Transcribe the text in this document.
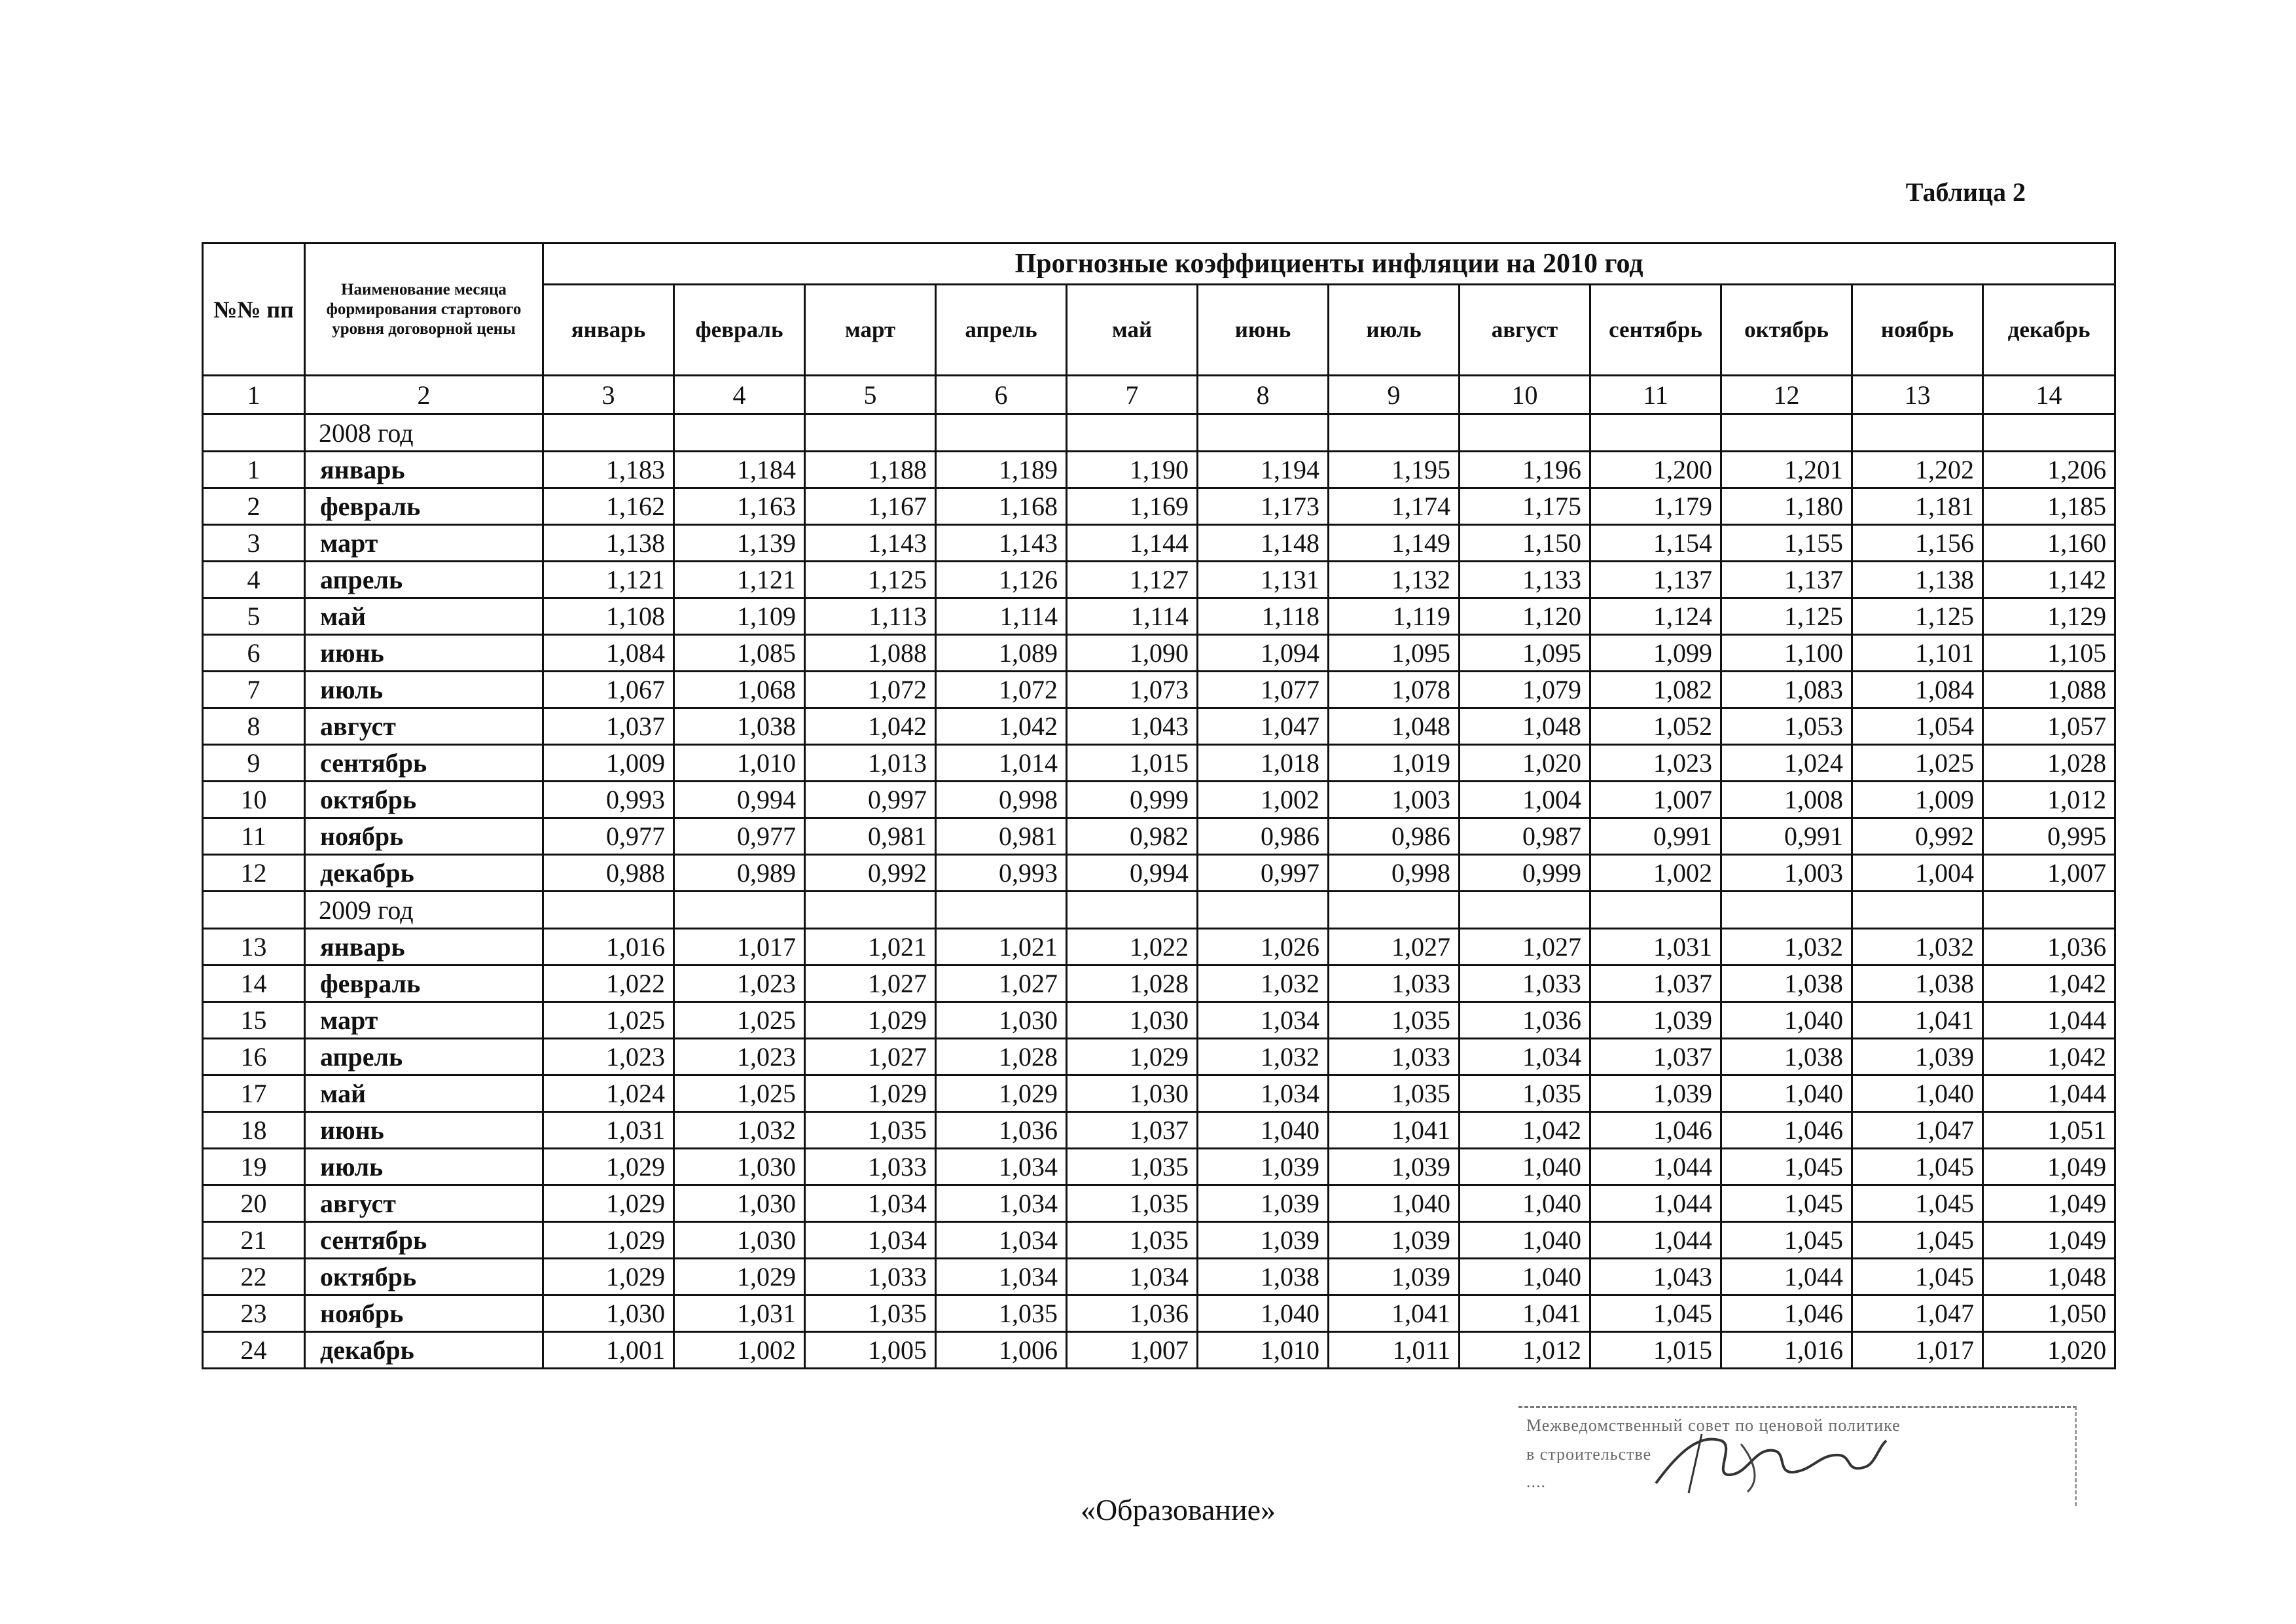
Таблица 2
№№ пп	Наименование месяца формирования стартового уровня договорной цены	Прогнозные коэффициенты инфляции на 2010 год											
		январь	февраль	март	апрель	май	июнь	июль	август	сентябрь	октябрь	ноябрь	декабрь
1	2	3	4	5	6	7	8	9	10	11	12	13	14
	2008 год												
1	январь	1,183	1,184	1,188	1,189	1,190	1,194	1,195	1,196	1,200	1,201	1,202	1,206
2	февраль	1,162	1,163	1,167	1,168	1,169	1,173	1,174	1,175	1,179	1,180	1,181	1,185
3	март	1,138	1,139	1,143	1,143	1,144	1,148	1,149	1,150	1,154	1,155	1,156	1,160
4	апрель	1,121	1,121	1,125	1,126	1,127	1,131	1,132	1,133	1,137	1,137	1,138	1,142
5	май	1,108	1,109	1,113	1,114	1,114	1,118	1,119	1,120	1,124	1,125	1,125	1,129
6	июнь	1,084	1,085	1,088	1,089	1,090	1,094	1,095	1,095	1,099	1,100	1,101	1,105
7	июль	1,067	1,068	1,072	1,072	1,073	1,077	1,078	1,079	1,082	1,083	1,084	1,088
8	август	1,037	1,038	1,042	1,042	1,043	1,047	1,048	1,048	1,052	1,053	1,054	1,057
9	сентябрь	1,009	1,010	1,013	1,014	1,015	1,018	1,019	1,020	1,023	1,024	1,025	1,028
10	октябрь	0,993	0,994	0,997	0,998	0,999	1,002	1,003	1,004	1,007	1,008	1,009	1,012
11	ноябрь	0,977	0,977	0,981	0,981	0,982	0,986	0,986	0,987	0,991	0,991	0,992	0,995
12	декабрь	0,988	0,989	0,992	0,993	0,994	0,997	0,998	0,999	1,002	1,003	1,004	1,007
	2009 год												
13	январь	1,016	1,017	1,021	1,021	1,022	1,026	1,027	1,027	1,031	1,032	1,032	1,036
14	февраль	1,022	1,023	1,027	1,027	1,028	1,032	1,033	1,033	1,037	1,038	1,038	1,042
15	март	1,025	1,025	1,029	1,030	1,030	1,034	1,035	1,036	1,039	1,040	1,041	1,044
16	апрель	1,023	1,023	1,027	1,028	1,029	1,032	1,033	1,034	1,037	1,038	1,039	1,042
17	май	1,024	1,025	1,029	1,029	1,030	1,034	1,035	1,035	1,039	1,040	1,040	1,044
18	июнь	1,031	1,032	1,035	1,036	1,037	1,040	1,041	1,042	1,046	1,046	1,047	1,051
19	июль	1,029	1,030	1,033	1,034	1,035	1,039	1,039	1,040	1,044	1,045	1,045	1,049
20	август	1,029	1,030	1,034	1,034	1,035	1,039	1,040	1,040	1,044	1,045	1,045	1,049
21	сентябрь	1,029	1,030	1,034	1,034	1,035	1,039	1,039	1,040	1,044	1,045	1,045	1,049
22	октябрь	1,029	1,029	1,033	1,034	1,034	1,038	1,039	1,040	1,043	1,044	1,045	1,048
23	ноябрь	1,030	1,031	1,035	1,035	1,036	1,040	1,041	1,041	1,045	1,046	1,047	1,050
24	декабрь	1,001	1,002	1,005	1,006	1,007	1,010	1,011	1,012	1,015	1,016	1,017	1,020
Межведомственный совет по ценовой политике
в строительстве
....
«Образование»
